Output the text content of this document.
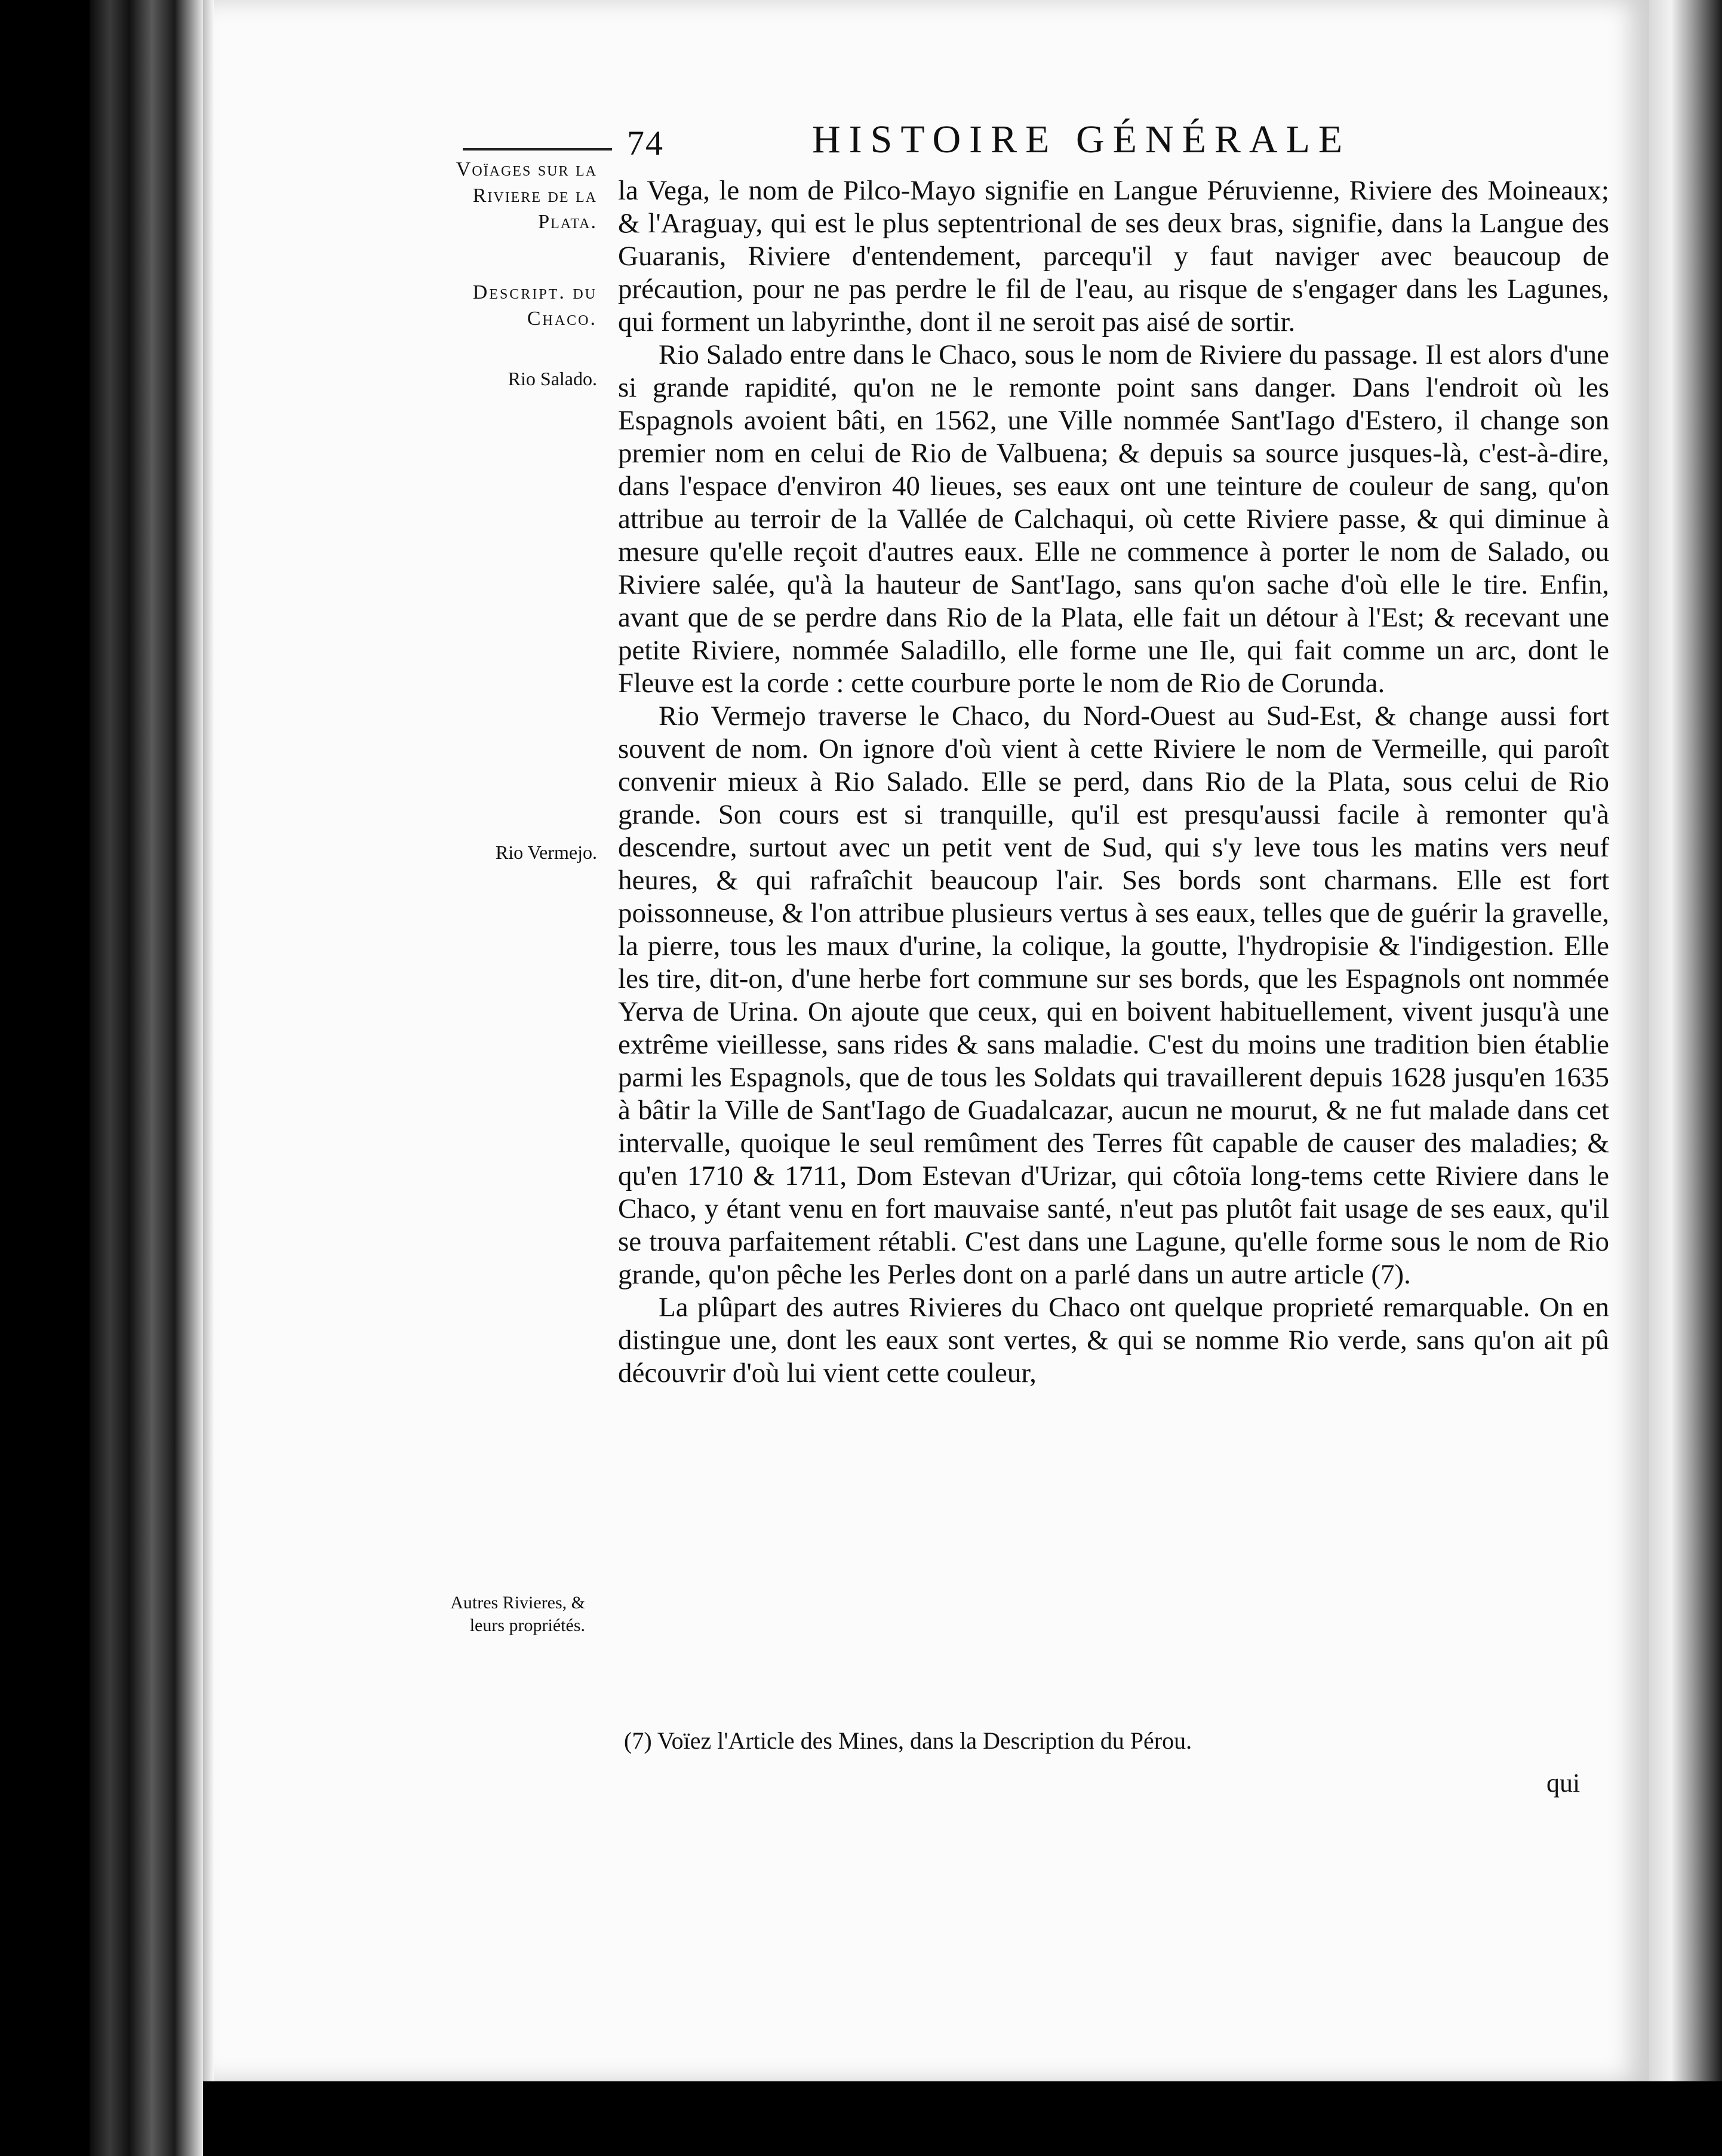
74	HISTOIRE GÉNÉRALE
Voïages sur la Riviere de la Plata.
Descript. du Chaco.
Rio Salado.
Rio Vermejo.
Autres Rivieres, & leurs propriétés.

la Vega, le nom de Pilco-Mayo signifie en Langue Péruvienne, Riviere des Moineaux; & l'Araguay, qui est le plus septentrional de ses deux bras, signifie, dans la Langue des Guaranis, Riviere d'entendement, parcequ'il y faut naviger avec beaucoup de précaution, pour ne pas perdre le fil de l'eau, au risque de s'engager dans les Lagunes, qui forment un labyrinthe, dont il ne seroit pas aisé de sortir.

Rio Salado entre dans le Chaco, sous le nom de Riviere du passage. Il est alors d'une si grande rapidité, qu'on ne le remonte point sans danger. Dans l'endroit où les Espagnols avoient bâti, en 1562, une Ville nommée Sant'Iago d'Estero, il change son premier nom en celui de Rio de Valbuena; & depuis sa source jusques-là, c'est-à-dire, dans l'espace d'environ 40 lieues, ses eaux ont une teinture de couleur de sang, qu'on attribue au terroir de la Vallée de Calchaqui, où cette Riviere passe, & qui diminue à mesure qu'elle reçoit d'autres eaux. Elle ne commence à porter le nom de Salado, ou Riviere salée, qu'à la hauteur de Sant'Iago, sans qu'on sache d'où elle le tire. Enfin, avant que de se perdre dans Rio de la Plata, elle fait un détour à l'Est; & recevant une petite Riviere, nommée Saladillo, elle forme une Ile, qui fait comme un arc, dont le Fleuve est la corde : cette courbure porte le nom de Rio de Corunda.

Rio Vermejo traverse le Chaco, du Nord-Ouest au Sud-Est, & change aussi fort souvent de nom. On ignore d'où vient à cette Riviere le nom de Vermeille, qui paroît convenir mieux à Rio Salado. Elle se perd, dans Rio de la Plata, sous celui de Rio grande. Son cours est si tranquille, qu'il est presqu'aussi facile à remonter qu'à descendre, surtout avec un petit vent de Sud, qui s'y leve tous les matins vers neuf heures, & qui rafraîchit beaucoup l'air. Ses bords sont charmans. Elle est fort poissonneuse, & l'on attribue plusieurs vertus à ses eaux, telles que de guérir la gravelle, la pierre, tous les maux d'urine, la colique, la goutte, l'hydropisie & l'indigestion. Elle les tire, dit-on, d'une herbe fort commune sur ses bords, que les Espagnols ont nommée Yerva de Urina. On ajoute que ceux, qui en boivent habituellement, vivent jusqu'à une extrême vieillesse, sans rides & sans maladie. C'est du moins une tradition bien établie parmi les Espagnols, que de tous les Soldats qui travaillerent depuis 1628 jusqu'en 1635 à bâtir la Ville de Sant'Iago de Guadalcazar, aucun ne mourut, & ne fut malade dans cet intervalle, quoique le seul remûment des Terres fût capable de causer des maladies; & qu'en 1710 & 1711, Dom Estevan d'Urizar, qui côtoïa long-tems cette Riviere dans le Chaco, y étant venu en fort mauvaise santé, n'eut pas plutôt fait usage de ses eaux, qu'il se trouva parfaitement rétabli. C'est dans une Lagune, qu'elle forme sous le nom de Rio grande, qu'on pêche les Perles dont on a parlé dans un autre article (7).

La plûpart des autres Rivieres du Chaco ont quelque proprieté remarquable. On en distingue une, dont les eaux sont vertes, & qui se nomme Rio verde, sans qu'on ait pû découvrir d'où lui vient cette couleur,

(7) Voïez l'Article des Mines, dans la Description du Pérou.
qui
